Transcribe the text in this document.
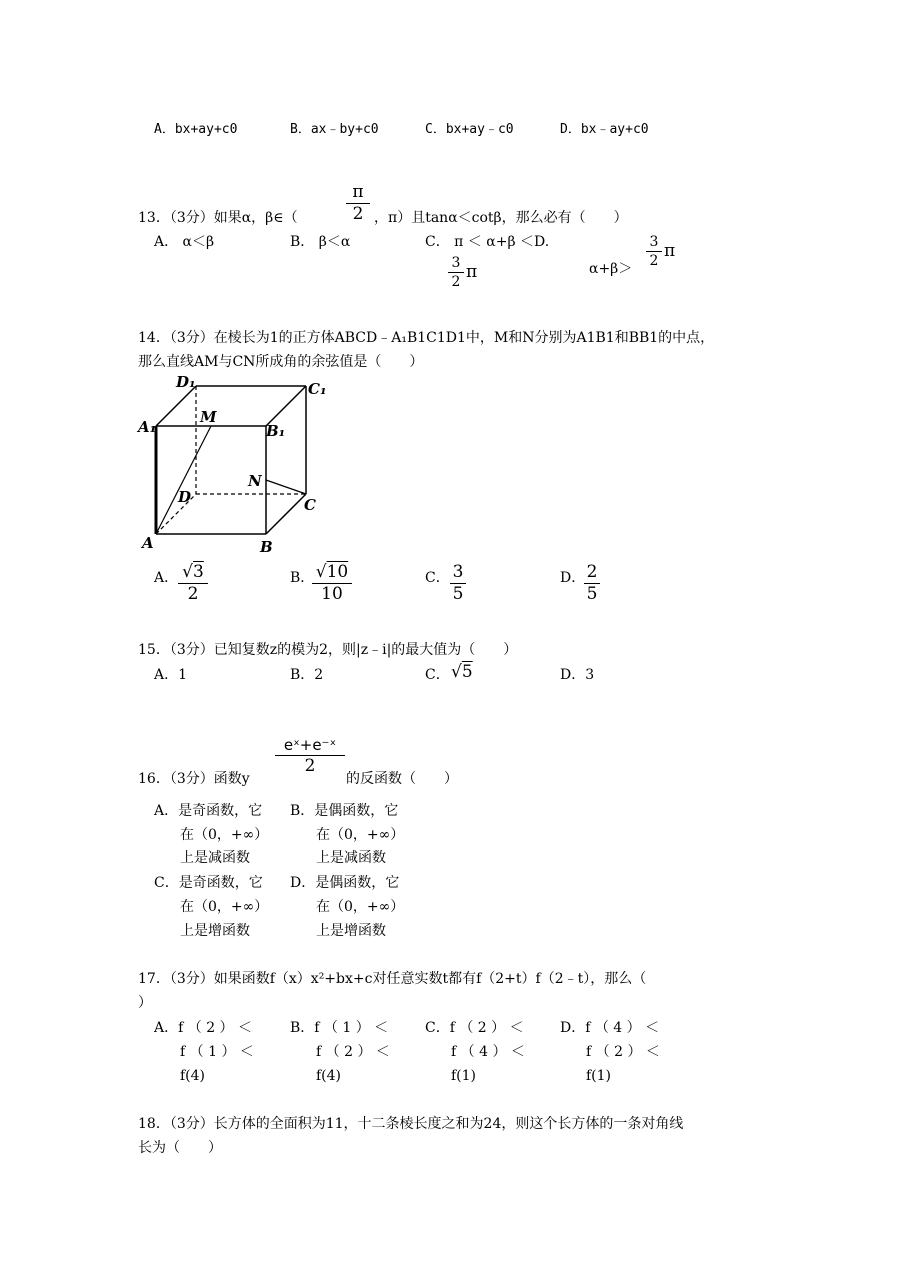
A．bx+ay+c0	B．ax﹣by+c0	C．bx+ay﹣c0	D．bx﹣ay+c0
13．（3分）如果α，β∈（
π
2 ，π）且tanα＜cotβ，那么必有（　　）
A． α＜β	B． β＜α	C． π ＜ α+β ＜D.
3
2 π	α+β＞
3
2 π
14．（3分）在棱长为1的正方体ABCD﹣A₁B1C1D1中，M和N分别为A1B1和BB1的中点，
那么直线AM与CN所成角的余弦值是（　　）
D₁	C₁
A₁	B₁
M
N
D	C
A	B
A． √3
2
B． √10
10
C． 3
5
D． 2
5
15．（3分）已知复数z的模为2，则|z﹣i|的最大值为（　　）
A．1	B．2	C． √5	D．3
16．（3分）函数y
eˣ+e⁻ˣ
2
的反函数（　　）
A．是奇函数，它
在（0，+∞）
上是减函数
B．是偶函数，它
在（0，+∞）
上是减函数
C．是奇函数，它
在（0，+∞）
上是增函数
D．是偶函数，它
在（0，+∞）
上是增函数
17．（3分）如果函数f（x）x²+bx+c对任意实数t都有f（2+t）f（2﹣t），那么（
）
A．f （ 2 ） ＜
f （ 1 ） ＜
f(4)
B．f （ 1 ） ＜
f （ 2 ） ＜
f(4)
C．f （ 2 ） ＜
f （ 4 ） ＜
f(1)
D．f （ 4 ） ＜
f （ 2 ） ＜
f(1)
18．（3分）长方体的全面积为11，十二条棱长度之和为24，则这个长方体的一条对角线
长为（　　）
